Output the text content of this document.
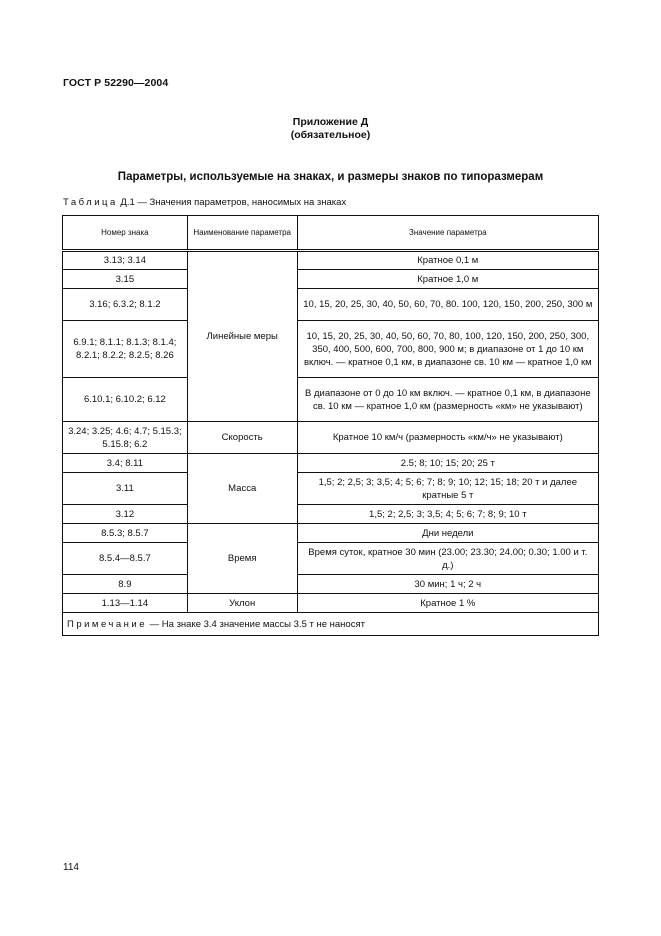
ГОСТ Р 52290—2004
Приложение Д
(обязательное)
Параметры, используемые на знаках, и размеры знаков по типоразмерам
Таблица Д.1 — Значения параметров, наносимых на знаках
Номер знака	Наименование параметра	Значение параметра
3.13; 3.14	Линейные меры	Кратное 0,1 м
3.15		Кратное 1,0 м
3.16; 6.3.2; 8.1.2		10, 15, 20, 25, 30, 40, 50, 60, 70, 80. 100, 120, 150, 200, 250, 300 м
6.9.1; 8.1.1; 8.1.3; 8.1.4; 8.2.1; 8.2.2; 8.2.5; 8.26		10, 15, 20, 25, 30, 40, 50, 60, 70, 80, 100, 120, 150, 200, 250, 300, 350, 400, 500, 600, 700, 800, 900 м; в диапазоне от 1 до 10 км включ. — кратное 0,1 км, в диапазоне св. 10 км — кратное 1,0 км
6.10.1; 6.10.2; 6.12		В диапазоне от 0 до 10 км включ. — кратное 0,1 км, в диапазоне св. 10 км — кратное 1,0 км (размерность «км» не указывают)
3.24; 3.25; 4.6; 4.7; 5.15.3; 5.15.8; 6.2	Скорость	Кратное 10 км/ч (размерность «км/ч» не указывают)
3.4; 8.11	Масса	2.5; 8; 10; 15; 20; 25 т
3.11		1,5; 2; 2,5; 3; 3,5; 4; 5; 6; 7; 8; 9; 10; 12; 15; 18; 20 т и далее кратные 5 т
3.12		1,5; 2; 2,5; 3; 3,5; 4; 5; 6; 7; 8; 9; 10 т
8.5.3; 8.5.7	Время	Дни недели
8.5.4—8.5.7		Время суток, кратное 30 мин (23.00; 23.30; 24.00; 0.30; 1.00 и т. д.)
8.9		30 мин; 1 ч; 2 ч
1.13—1.14	Уклон	Кратное 1 %
Примечание — На знаке 3.4 значение массы 3.5 т не наносят		
114
